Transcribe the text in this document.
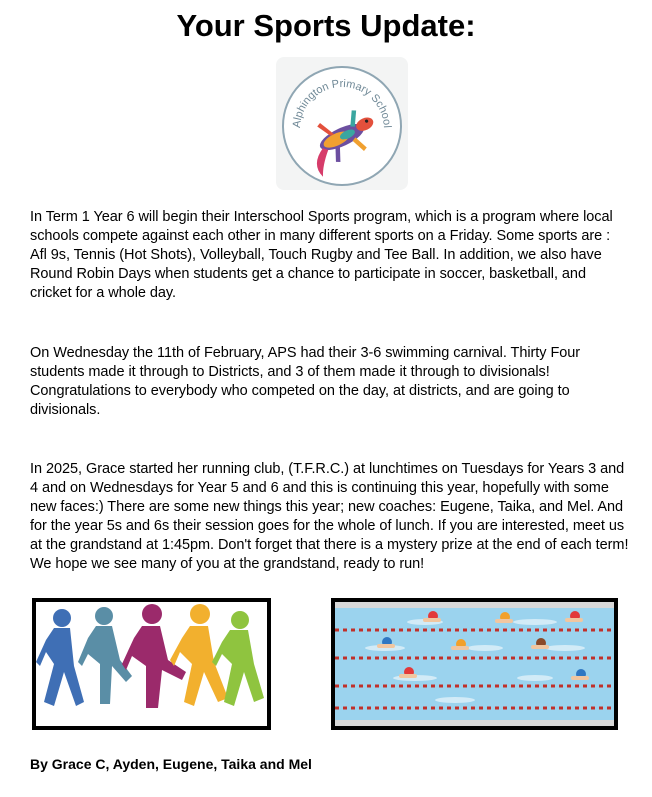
Your Sports Update:
Alphington Primary School

In Term 1 Year 6 will begin their Interschool Sports program, which is a program where local schools compete against each other in many different sports on a Friday. Some sports are : Afl 9s, Tennis (Hot Shots), Volleyball, Touch Rugby and Tee Ball. In addition, we also have Round Robin Days when students get a chance to participate in soccer, basketball, and cricket for a whole day.

On Wednesday the 11th of February, APS had their 3-6 swimming carnival. Thirty Four students made it through to Districts, and 3 of them made it through to divisionals! Congratulations to everybody who competed on the day, at districts, and are going to divisionals.

In 2025, Grace started her running club, (T.F.R.C.) at lunchtimes on Tuesdays for Years 3 and 4 and on Wednesdays for Year 5 and 6 and this is continuing this year, hopefully with some new faces:) There are some new things this year; new coaches: Eugene, Taika, and Mel. And for the year 5s and 6s their session goes for the whole of lunch. If you are interested, meet us at the grandstand at 1:45pm. Don't forget that there is a mystery prize at the end of each term! We hope we see many of you at the grandstand, ready to run!

By Grace C, Ayden, Eugene, Taika and Mel
